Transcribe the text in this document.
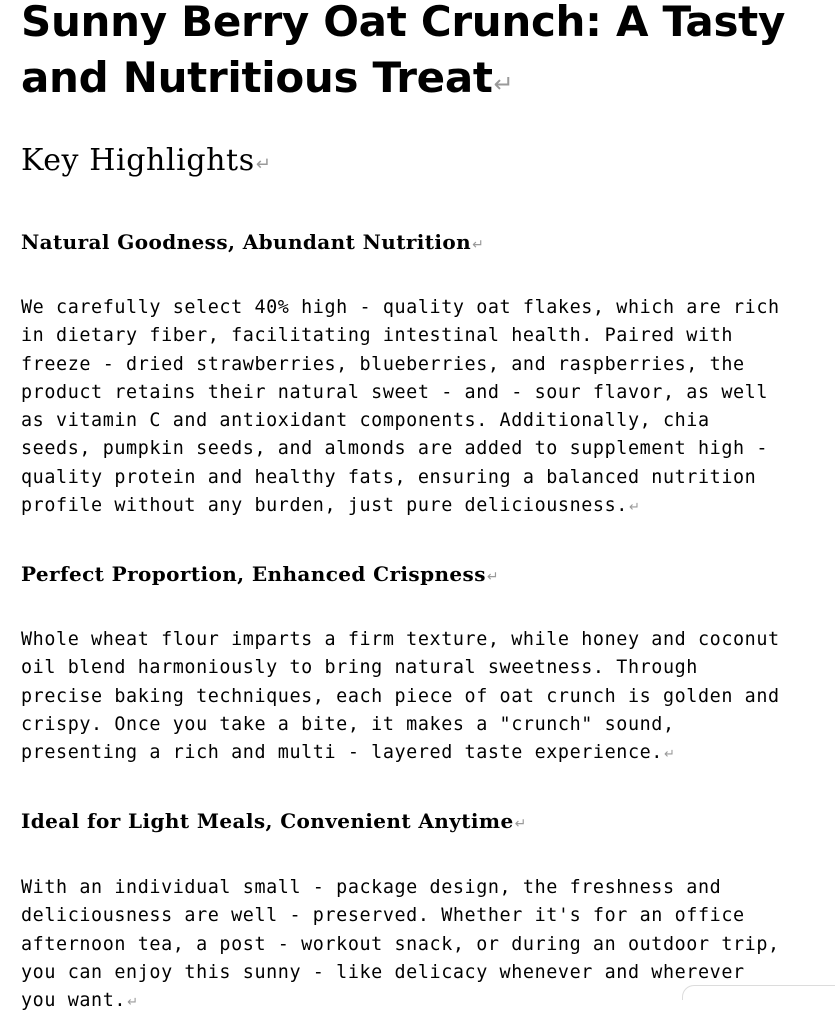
Sunny Berry Oat Crunch: A Tasty and Nutritious Treat↵
Key Highlights↵
Natural Goodness, Abundant Nutrition↵

We carefully select 40% high - quality oat flakes, which are rich in dietary fiber, facilitating intestinal health. Paired with freeze - dried strawberries, blueberries, and raspberries, the product retains their natural sweet - and - sour flavor, as well as vitamin C and antioxidant components. Additionally, chia seeds, pumpkin seeds, and almonds are added to supplement high - quality protein and healthy fats, ensuring a balanced nutrition profile without any burden, just pure deliciousness.↵

Perfect Proportion, Enhanced Crispness↵

Whole wheat flour imparts a firm texture, while honey and coconut oil blend harmoniously to bring natural sweetness. Through precise baking techniques, each piece of oat crunch is golden and crispy. Once you take a bite, it makes a "crunch" sound, presenting a rich and multi - layered taste experience.↵

Ideal for Light Meals, Convenient Anytime↵

With an individual small - package design, the freshness and deliciousness are well - preserved. Whether it's for an office afternoon tea, a post - workout snack, or during an outdoor trip, you can enjoy this sunny - like delicacy whenever and wherever you want.↵
